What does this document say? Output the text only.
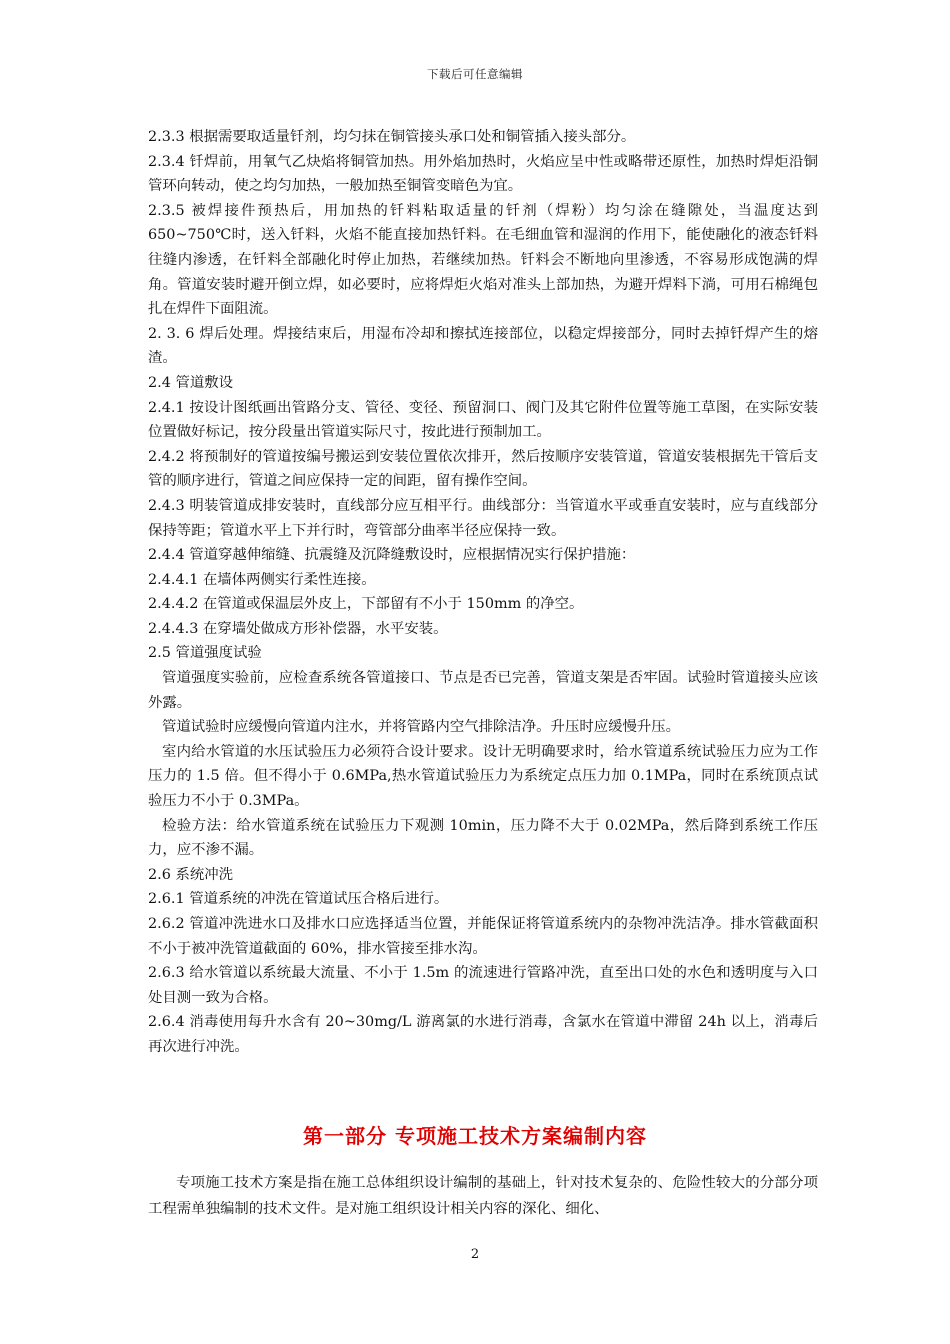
下载后可任意编辑

2.3.3 根据需要取适量钎剂，均匀抹在铜管接头承口处和铜管插入接头部分。

2.3.4 钎焊前，用氧气乙炔焰将铜管加热。用外焰加热时，火焰应呈中性或略带还原性，加热时焊炬沿铜管环向转动，使之均匀加热，一般加热至铜管变暗色为宜。

2.3.5 被焊接件预热后，用加热的钎料粘取适量的钎剂（焊粉）均匀涂在缝隙处，当温度达到 650~750℃时，送入钎料，火焰不能直接加热钎料。在毛细血管和湿润的作用下，能使融化的液态钎料往缝内渗透，在钎料全部融化时停止加热，若继续加热。钎料会不断地向里渗透，不容易形成饱满的焊角。管道安装时避开倒立焊，如必要时，应将焊炬火焰对准头上部加热，为避开焊料下淌，可用石棉绳包扎在焊件下面阻流。

2. 3. 6 焊后处理。焊接结束后，用湿布冷却和擦拭连接部位，以稳定焊接部分，同时去掉钎焊产生的熔渣。

2.4 管道敷设

2.4.1 按设计图纸画出管路分支、管径、变径、预留洞口、阀门及其它附件位置等施工草图，在实际安装位置做好标记，按分段量出管道实际尺寸，按此进行预制加工。

2.4.2 将预制好的管道按编号搬运到安装位置依次排开，然后按顺序安装管道，管道安装根据先干管后支管的顺序进行，管道之间应保持一定的间距，留有操作空间。

2.4.3 明装管道成排安装时，直线部分应互相平行。曲线部分：当管道水平或垂直安装时，应与直线部分保持等距；管道水平上下并行时，弯管部分曲率半径应保持一致。

2.4.4 管道穿越伸缩缝、抗震缝及沉降缝敷设时，应根据情况实行保护措施：

2.4.4.1 在墙体两侧实行柔性连接。

2.4.4.2 在管道或保温层外皮上，下部留有不小于 150mm 的净空。

2.4.4.3 在穿墙处做成方形补偿器，水平安装。

2.5 管道强度试验

管道强度实验前，应检查系统各管道接口、节点是否已完善，管道支架是否牢固。试验时管道接头应该外露。

管道试验时应缓慢向管道内注水，并将管路内空气排除洁净。升压时应缓慢升压。

室内给水管道的水压试验压力必须符合设计要求。设计无明确要求时，给水管道系统试验压力应为工作压力的 1.5 倍。但不得小于 0.6MPa,热水管道试验压力为系统定点压力加 0.1MPa，同时在系统顶点试验压力不小于 0.3MPa。

检验方法：给水管道系统在试验压力下观测 10min，压力降不大于 0.02MPa，然后降到系统工作压力，应不渗不漏。

2.6 系统冲洗

2.6.1 管道系统的冲洗在管道试压合格后进行。

2.6.2 管道冲洗进水口及排水口应选择适当位置，并能保证将管道系统内的杂物冲洗洁净。排水管截面积不小于被冲洗管道截面的 60%，排水管接至排水沟。

2.6.3 给水管道以系统最大流量、不小于 1.5m 的流速进行管路冲洗，直至出口处的水色和透明度与入口处目测一致为合格。

2.6.4 消毒使用每升水含有 20~30mg/L 游离氯的水进行消毒，含氯水在管道中滞留 24h 以上，消毒后再次进行冲洗。

第一部分 专项施工技术方案编制内容

专项施工技术方案是指在施工总体组织设计编制的基础上，针对技术复杂的、危险性较大的分部分项工程需单独编制的技术文件。是对施工组织设计相关内容的深化、细化、

2
